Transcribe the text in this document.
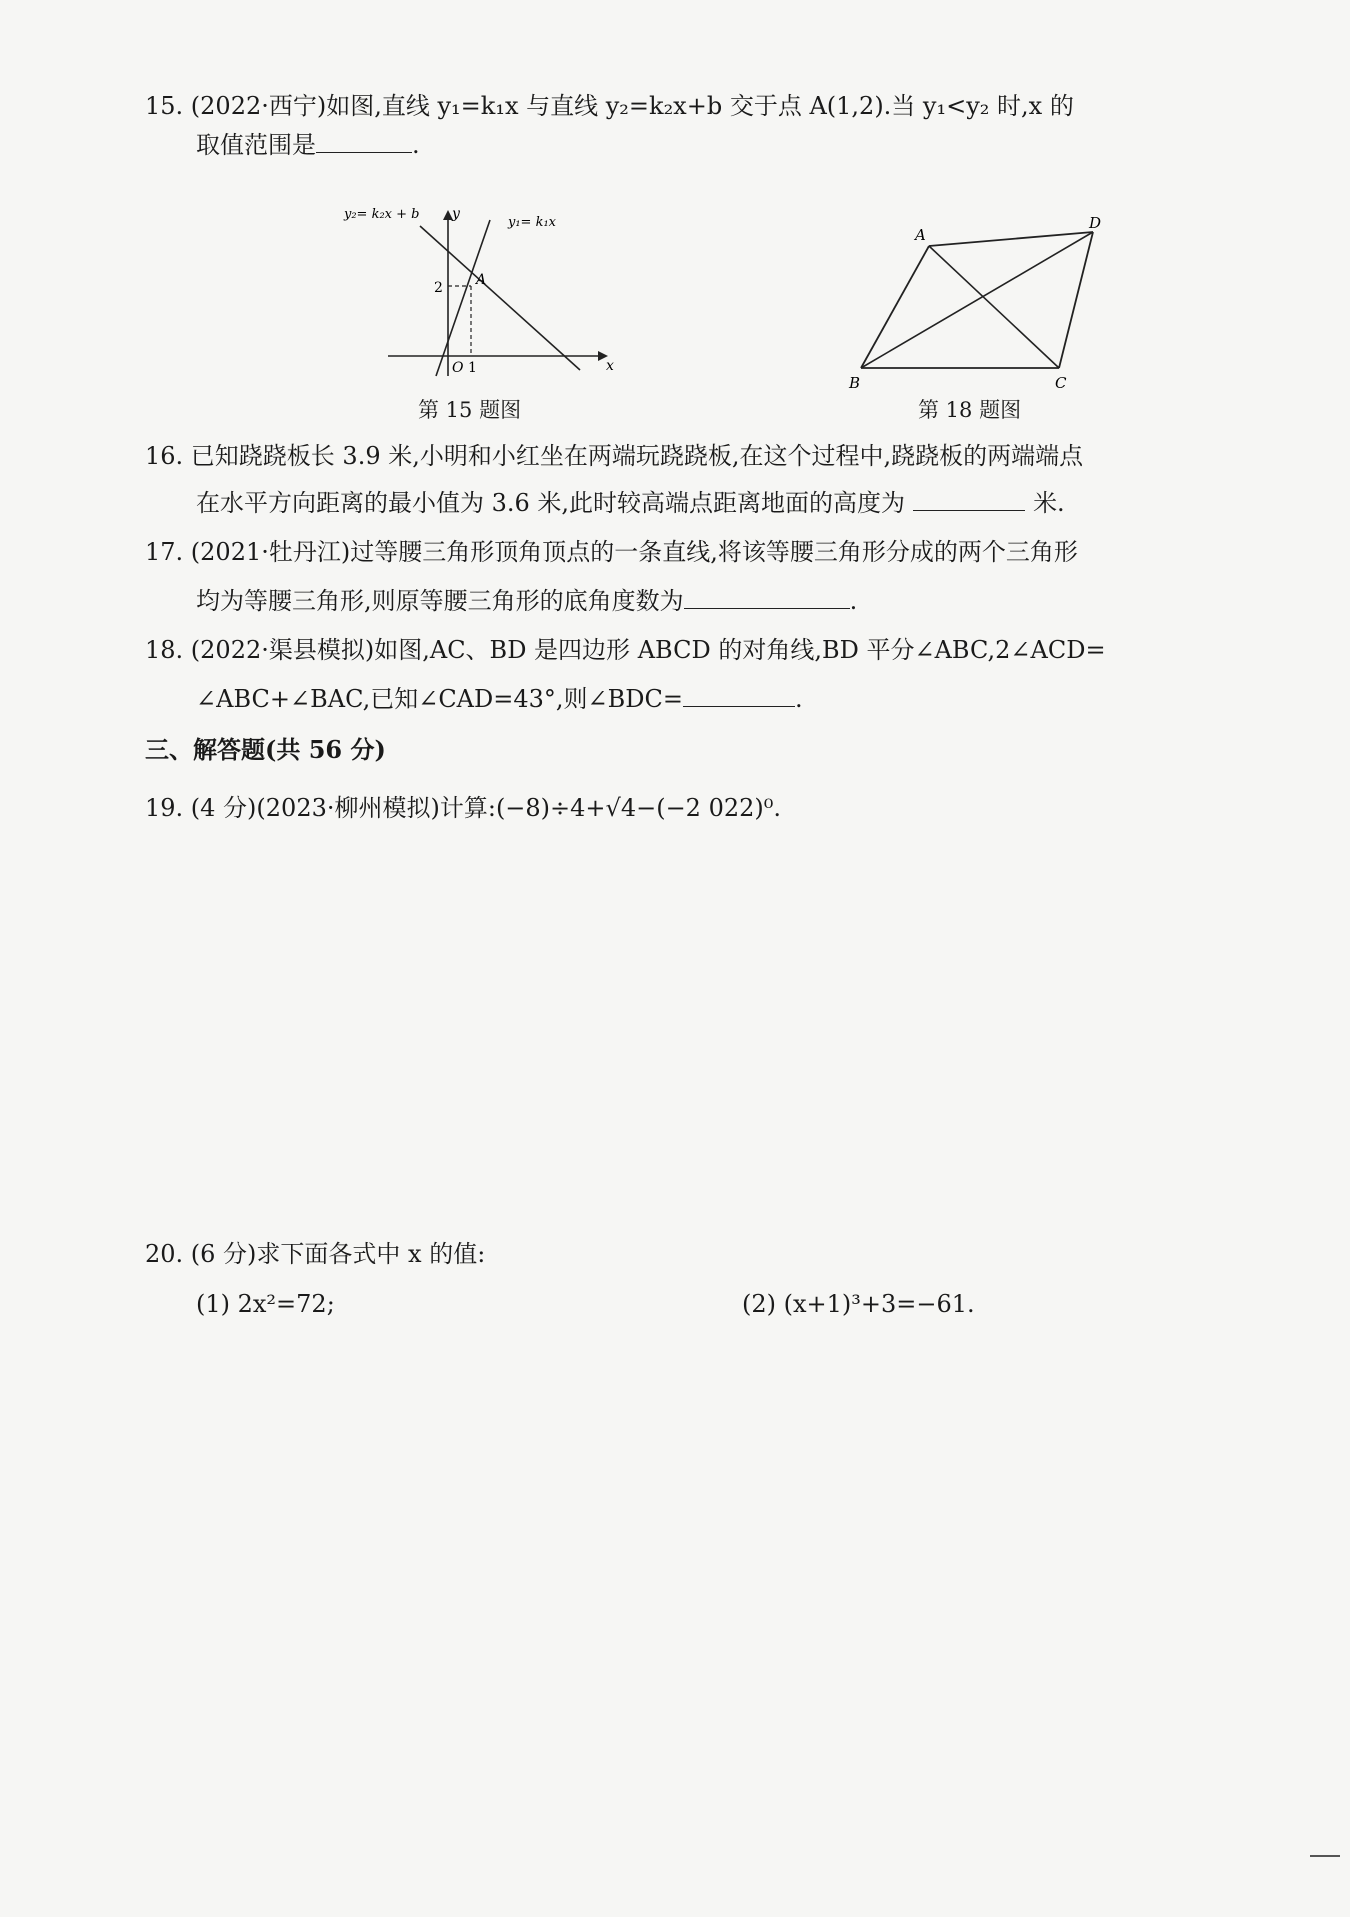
15. (2022·西宁)如图,直线 y₁=k₁x 与直线 y₂=k₂x+b 交于点 A(1,2).当 y₁<y₂ 时,x 的
取值范围是	.
y₂= k₂x + b y
y₁= k₁x
A
2
O 1	x
第 15 题图
A
D
B	C
第 18 题图
16. 已知跷跷板长 3.9 米,小明和小红坐在两端玩跷跷板,在这个过程中,跷跷板的两端端点
在水平方向距离的最小值为 3.6 米,此时较高端点距离地面的高度为	米.
17. (2021·牡丹江)过等腰三角形顶角顶点的一条直线,将该等腰三角形分成的两个三角形
均为等腰三角形,则原等腰三角形的底角度数为	.
18. (2022·渠县模拟)如图,AC、BD 是四边形 ABCD 的对角线,BD 平分∠ABC,2∠ACD=
∠ABC+∠BAC,已知∠CAD=43°,则∠BDC=	.
三、解答题(共 56 分)
19. (4 分)(2023·柳州模拟)计算:(−8)÷4+√4−(−2 022)⁰.
20. (6 分)求下面各式中 x 的值:
(1) 2x²=72;	(2) (x+1)³+3=−61.
